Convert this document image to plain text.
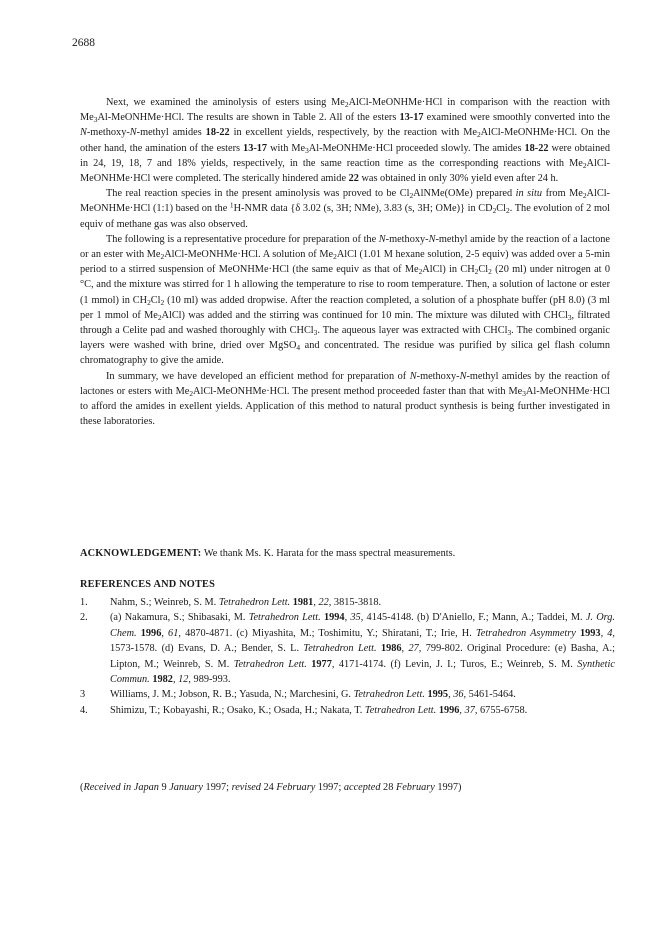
2688

Next, we examined the aminolysis of esters using $Me_2AlCl-MeONHMe\cdot HCl$ in comparison with the reaction with $Me_3Al-MeONHMe\cdot HCl$. The results are shown in Table 2. All of the esters 13-17 examined were smoothly converted into the N-methoxy-N-methyl amides 18-22 in excellent yields, respectively, by the reaction with $Me_2AlCl-MeONHMe\cdot HCl$. On the other hand, the amination of the esters 13-17 with $Me_3Al-MeONHMe\cdot HCl$ proceeded slowly. The amides 18-22 were obtained in 24, 19, 18, 7 and 18% yields, respectively, in the same reaction time as the corresponding reactions with $Me_2AlCl-MeONHMe\cdot HCl$ were completed. The sterically hindered amide 22 was obtained in only 30% yield even after 24 h.

The real reaction species in the present aminolysis was proved to be $Cl_2AlNMe(OMe)$ prepared in situ from $Me_2AlCl-MeONHMe\cdot HCl$ (1:1) based on the $^1$H-NMR data {δ 3.02 (s, 3H; NMe), 3.83 (s, 3H; OMe)} in $CD_2Cl_2$. The evolution of 2 mol equiv of methane gas was also observed.

The following is a representative procedure for preparation of the N-methoxy-N-methyl amide by the reaction of a lactone or an ester with $Me_2AlCl-MeONHMe\cdot HCl$. A solution of $Me_2AlCl$ (1.01 M hexane solution, 2-5 equiv) was added over a 5-min period to a stirred suspension of MeONHMe·HCl (the same equiv as that of $Me_2AlCl$) in $CH_2Cl_2$ (20 ml) under nitrogen at 0 °C, and the mixture was stirred for 1 h allowing the temperature to rise to room temperature. Then, a solution of lactone or ester (1 mmol) in $CH_2Cl_2$ (10 ml) was added dropwise. After the reaction completed, a solution of a phosphate buffer (pH 8.0) (3 ml per 1 mmol of $Me_2AlCl$) was added and the stirring was continued for 10 min. The mixture was diluted with CHCl$_3$, filtrated through a Celite pad and washed thoroughly with CHCl$_3$. The aqueous layer was extracted with CHCl$_3$. The combined organic layers were washed with brine, dried over MgSO$_4$ and concentrated. The residue was purified by silica gel flash column chromatography to give the amide.

In summary, we have developed an efficient method for preparation of N-methoxy-N-methyl amides by the reaction of lactones or esters with $Me_2AlCl-MeONHMe\cdot HCl$. The present method proceeded faster than that with $Me_3Al-MeONHMe\cdot HCl$ to afford the amides in exellent yields. Application of this method to natural product synthesis is being further investigated in these laboratories.

ACKNOWLEDGEMENT: We thank Ms. K. Harata for the mass spectral measurements.
REFERENCES AND NOTES
1.	Nahm, S.; Weinreb, S. M. Tetrahedron Lett. 1981, 22, 3815-3818.
2.	(a) Nakamura, S.; Shibasaki, M. Tetrahedron Lett. 1994, 35, 4145-4148. (b) D'Aniello, F.; Mann, A.; Taddei, M. J. Org. Chem. 1996, 61, 4870-4871. (c) Miyashita, M.; Toshimitu, Y.; Shiratani, T.; Irie, H. Tetrahedron Asymmetry 1993, 4, 1573-1578. (d) Evans, D. A.; Bender, S. L. Tetrahedron Lett. 1986, 27, 799-802. Original Procedure: (e) Basha, A.; Lipton, M.; Weinreb, S. M. Tetrahedron Lett. 1977, 4171-4174. (f) Levin, J. I.; Turos, E.; Weinreb, S. M. Synthetic Commun. 1982, 12, 989-993.
3	Williams, J. M.; Jobson, R. B.; Yasuda, N.; Marchesini, G. Tetrahedron Lett. 1995, 36, 5461-5464.
4.	Shimizu, T.; Kobayashi, R.; Osako, K.; Osada, H.; Nakata, T. Tetrahedron Lett. 1996, 37, 6755-6758.
(Received in Japan 9 January 1997; revised 24 February 1997; accepted 28 February 1997)
